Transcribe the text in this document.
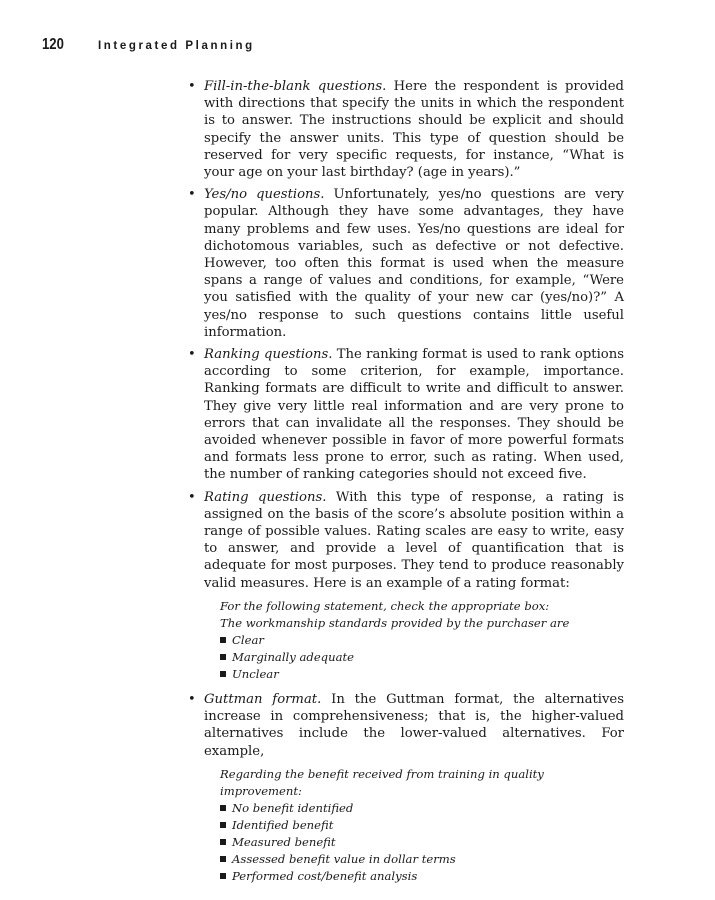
120	Integrated Planning
• Fill-in-the-blank questions. Here the respondent is provided with directions that specify the units in which the respondent is to answer. The instructions should be explicit and should specify the answer units. This type of question should be reserved for very specific requests, for instance, “What is your age on your last birthday? (age in years).”
• Yes/no questions. Unfortunately, yes/no questions are very popular. Although they have some advantages, they have many problems and few uses. Yes/no questions are ideal for dichotomous variables, such as defective or not defective. However, too often this format is used when the measure spans a range of values and conditions, for example, “Were you satisfied with the quality of your new car (yes/no)?” A yes/no response to such questions contains little useful information.
• Ranking questions. The ranking format is used to rank options according to some criterion, for example, importance. Ranking formats are difficult to write and difficult to answer. They give very little real information and are very prone to errors that can invalidate all the responses. They should be avoided whenever possible in favor of more powerful formats and formats less prone to error, such as rating. When used, the number of ranking categories should not exceed five.
• Rating questions. With this type of response, a rating is assigned on the basis of the score’s absolute position within a range of possible values. Rating scales are easy to write, easy to answer, and provide a level of quantification that is adequate for most purposes. They tend to produce reasonably valid measures. Here is an example of a rating format:
For the following statement, check the appropriate box:
The workmanship standards provided by the purchaser are
Clear
Marginally adequate
Unclear
• Guttman format. In the Guttman format, the alternatives increase in comprehensiveness; that is, the higher-valued alternatives include the lower-valued alternatives. For example,
Regarding the benefit received from training in quality improvement:
No benefit identified
Identified benefit
Measured benefit
Assessed benefit value in dollar terms
Performed cost/benefit analysis
